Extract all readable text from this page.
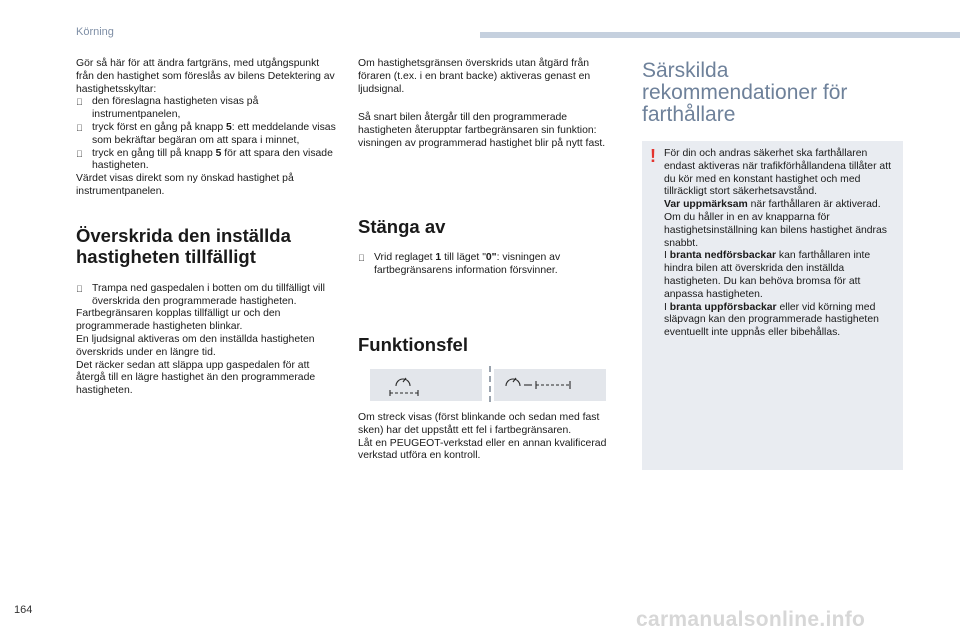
Körning

Gör så här för att ändra fartgräns, med utgångspunkt från den hastighet som föreslås av bilens Detektering av hastighetsskyltar:

den föreslagna hastigheten visas på instrumentpanelen,
tryck först en gång på knapp 5: ett meddelande visas som bekräftar begäran om att spara i minnet,
tryck en gång till på knapp 5 för att spara den visade hastigheten.

Värdet visas direkt som ny önskad hastighet på instrumentpanelen.

Överskrida den inställda hastigheten tillfälligt
Trampa ned gaspedalen i botten om du tillfälligt vill överskrida den programmerade hastigheten.

Fartbegränsaren kopplas tillfälligt ur och den programmerade hastigheten blinkar.

En ljudsignal aktiveras om den inställda hastigheten överskrids under en längre tid.

Det räcker sedan att släppa upp gaspedalen för att återgå till en lägre hastighet än den programmerade hastigheten.

Om hastighetsgränsen överskrids utan åtgärd från föraren (t.ex. i en brant backe) aktiveras genast en ljudsignal.

Så snart bilen återgår till den programmerade hastigheten återupptar fartbegränsaren sin funktion: visningen av programmerad hastighet blir på nytt fast.

Stänga av
Vrid reglaget 1 till läget "0": visningen av fartbegränsarens information försvinner.
Funktionsfel

Om streck visas (först blinkande och sedan med fast sken) har det uppstått ett fel i fartbegränsaren.

Låt en PEUGEOT-verkstad eller en annan kvalificerad verkstad utföra en kontroll.

Särskilda

rekommendationer för

farthållare

! För din och andras säkerhet ska farthållaren endast aktiveras när trafikförhållandena tillåter att du kör med en konstant hastighet och med tillräckligt stort säkerhetsavstånd.

Var uppmärksam när farthållaren är aktiverad. Om du håller in en av knapparna för hastighetsinställning kan bilens hastighet ändras snabbt.

I branta nedförsbackar kan farthållaren inte hindra bilen att överskrida den inställda hastigheten. Du kan behöva bromsa för att anpassa hastigheten.

I branta uppförsbackar eller vid körning med släpvagn kan den programmerade hastigheten eventuellt inte uppnås eller bibehållas.

164	carmanualsonline.info
